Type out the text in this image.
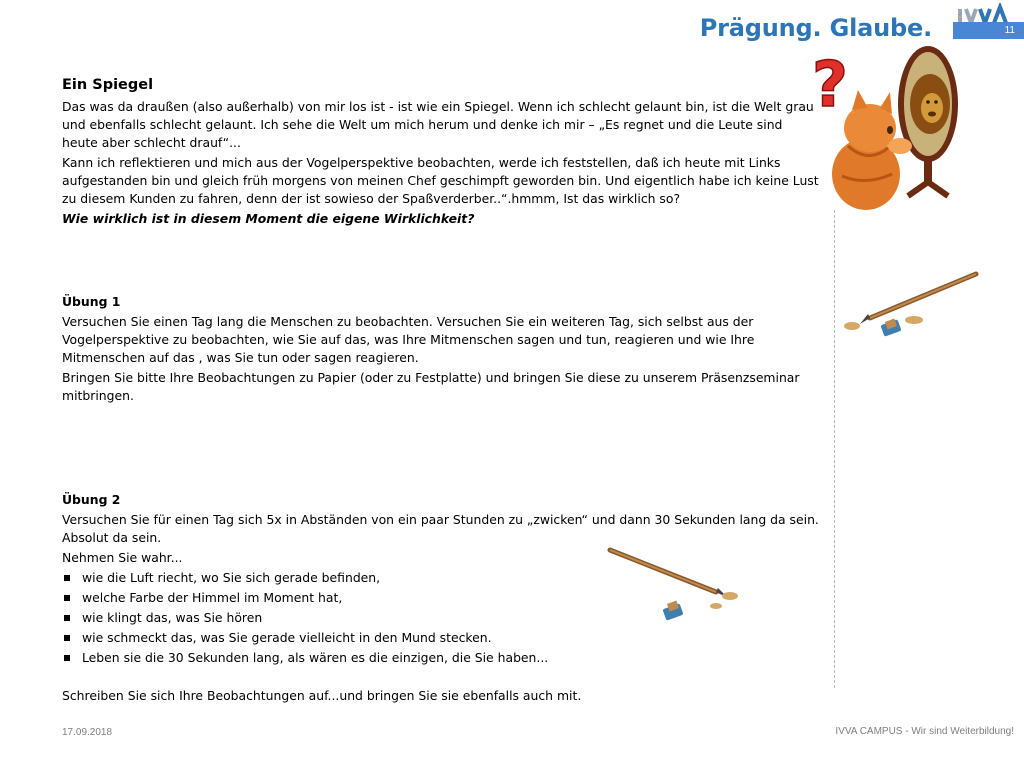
Prägung. Glaube.	11

Ein Spiegel

Das was da draußen (also außerhalb) von mir los ist - ist wie ein Spiegel. Wenn ich schlecht gelaunt bin, ist die Welt grau und ebenfalls schlecht gelaunt. Ich sehe die Welt um mich herum und denke ich mir – „Es regnet und die Leute sind heute aber schlecht drauf“...

Kann ich reflektieren und mich aus der Vogelperspektive beobachten, werde ich feststellen, daß ich heute mit Links aufgestanden bin und gleich früh morgens von meinen Chef geschimpft geworden bin. Und eigentlich habe ich keine Lust zu diesem Kunden zu fahren, denn der ist sowieso der Spaßverderber..“.hmmm, Ist das wirklich so?

Wie wirklich ist in diesem Moment die eigene Wirklichkeit?

Übung 1

Versuchen Sie einen Tag lang die Menschen zu beobachten. Versuchen Sie ein weiteren Tag, sich selbst aus der Vogelperspektive zu beobachten, wie Sie auf das, was Ihre Mitmenschen sagen und tun, reagieren und wie Ihre Mitmenschen auf das , was Sie tun oder sagen reagieren.

Bringen Sie bitte Ihre Beobachtungen zu Papier (oder zu Festplatte) und bringen Sie diese zu unserem Präsenzseminar mitbringen.

Übung 2

Versuchen Sie für einen Tag sich 5x in Abständen von ein paar Stunden zu „zwicken“ und dann 30 Sekunden lang da sein. Absolut da sein.

Nehmen Sie wahr...

wie die Luft riecht, wo Sie sich gerade befinden,
welche Farbe der Himmel im Moment hat,
wie klingt das, was Sie hören
wie schmeckt das, was Sie gerade vielleicht in den Mund stecken.
Leben sie die 30 Sekunden lang, als wären es die einzigen, die Sie haben...

Schreiben Sie sich Ihre Beobachtungen auf...und bringen Sie sie ebenfalls auch mit.

?
17.09.2018	IVVA CAMPUS - Wir sind Weiterbildung!
